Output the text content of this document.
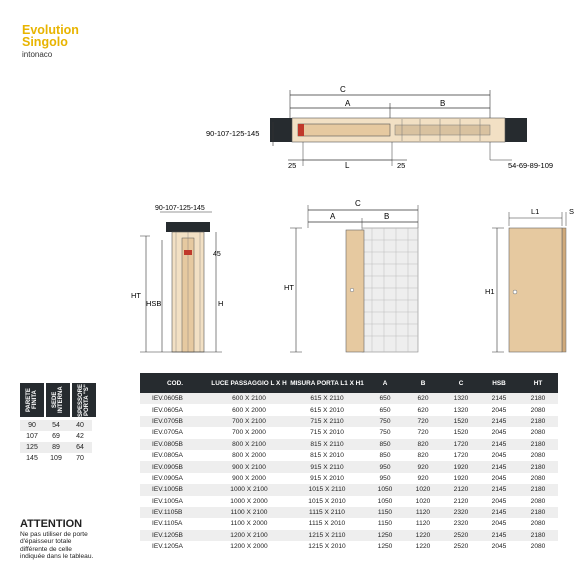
Evolution
Singolo
intonaco
C
A	B
90-107-125-145
25	L	25	54-69-89-109
90-107-125-145
45
HT
HSB	H
C
A	B
HT
L1	S
H1
PARETE FINITA	SEDE INTERNA	SPESSORE PORTA "S"
90	54	40
107	69	42
125	89	64
145	109	70
COD.	LUCE PASSAGGIO L X H	MISURA PORTA L1 X H1	A	B	C	HSB	HT
IEV.0605B	600 X 2100	615 X 2110	650	620	1320	2145	2180
IEV.0605A	600 X 2000	615 X 2010	650	620	1320	2045	2080
IEV.0705B	700 X 2100	715 X 2110	750	720	1520	2145	2180
IEV.0705A	700 X 2000	715 X 2010	750	720	1520	2045	2080
IEV.0805B	800 X 2100	815 X 2110	850	820	1720	2145	2180
IEV.0805A	800 X 2000	815 X 2010	850	820	1720	2045	2080
IEV.0905B	900 X 2100	915 X 2110	950	920	1920	2145	2180
IEV.0905A	900 X 2000	915 X 2010	950	920	1920	2045	2080
IEV.1005B	1000 X 2100	1015 X 2110	1050	1020	2120	2145	2180
IEV.1005A	1000 X 2000	1015 X 2010	1050	1020	2120	2045	2080
IEV.1105B	1100 X 2100	1115 X 2110	1150	1120	2320	2145	2180
IEV.1105A	1100 X 2000	1115 X 2010	1150	1120	2320	2045	2080
IEV.1205B	1200 X 2100	1215 X 2110	1250	1220	2520	2145	2180
IEV.1205A	1200 X 2000	1215 X 2010	1250	1220	2520	2045	2080
ATTENTION
Ne pas utiliser de porte
d'épaisseur totale
différente de celle
indiquée dans le tableau.
